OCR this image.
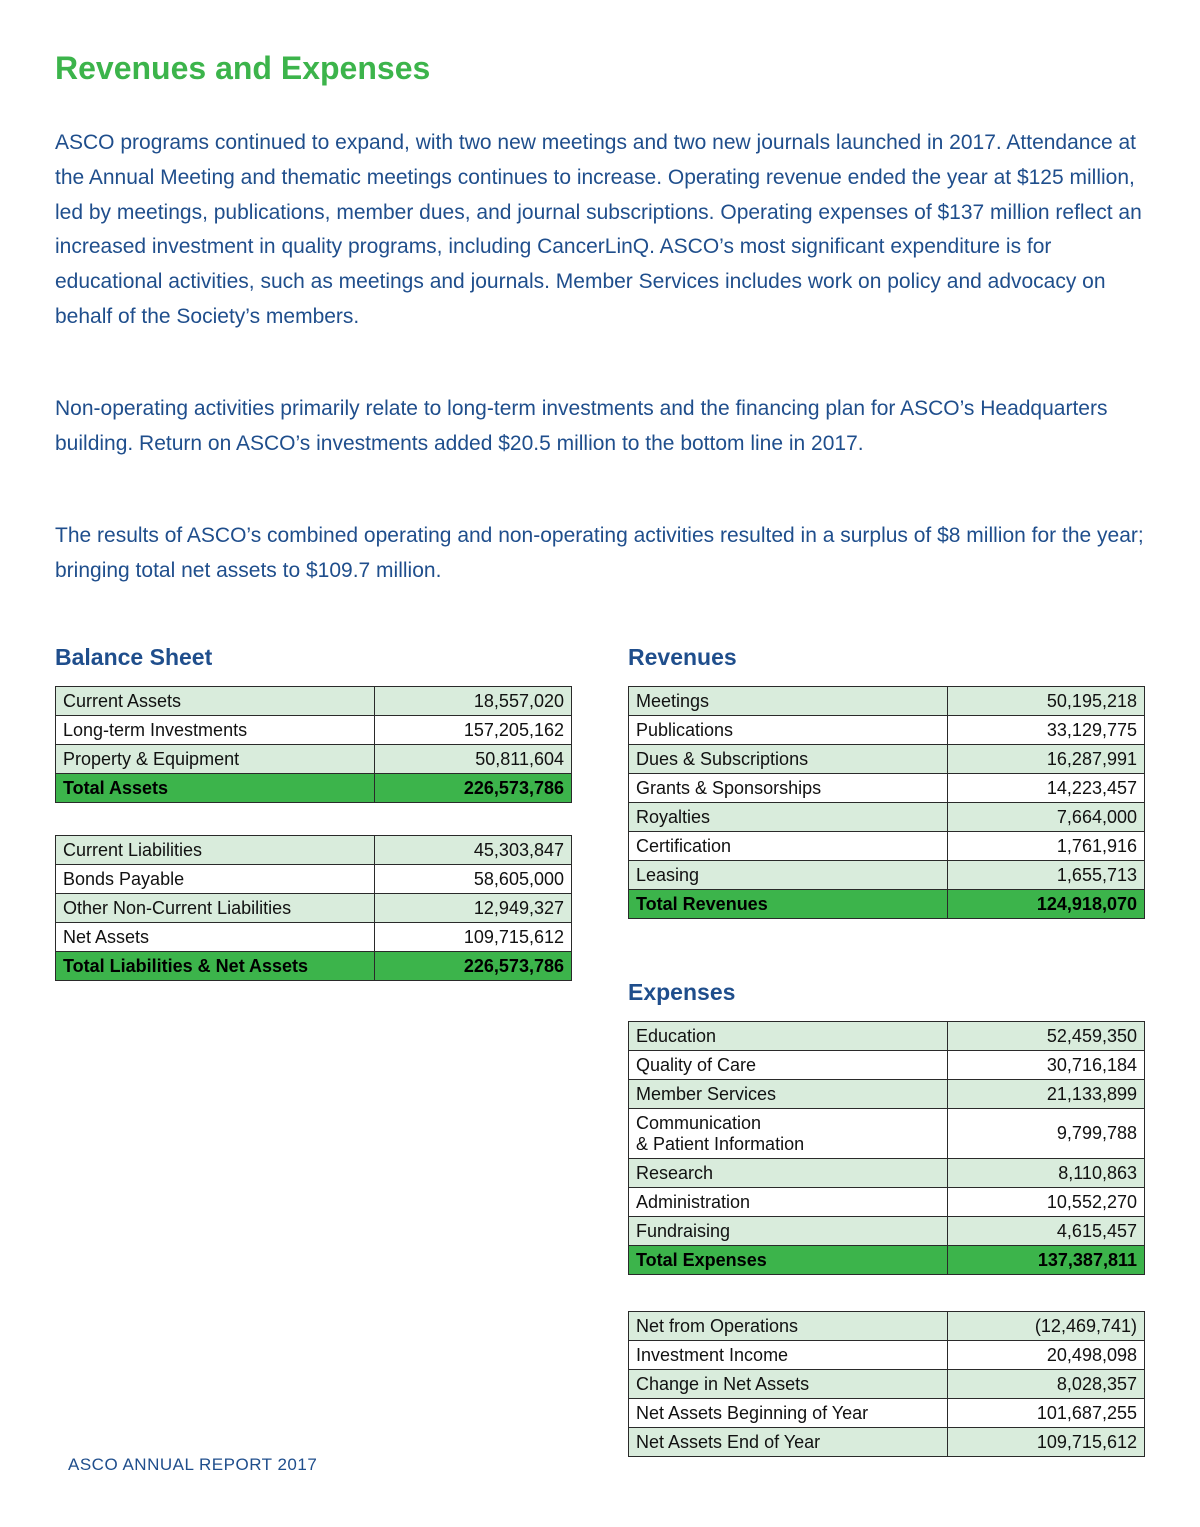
Revenues and Expenses

ASCO programs continued to expand, with two new meetings and two new journals launched in 2017. Attendance at the Annual Meeting and thematic meetings continues to increase. Operating revenue ended the year at $125 million, led by meetings, publications, member dues, and journal subscriptions. Operating expenses of $137 million reflect an increased investment in quality programs, including CancerLinQ. ASCO’s most significant expenditure is for educational activities, such as meetings and journals. Member Services includes work on policy and advocacy on behalf of the Society’s members.

Non-operating activities primarily relate to long-term investments and the financing plan for ASCO’s Headquarters building. Return on ASCO’s investments added $20.5 million to the bottom line in 2017.

The results of ASCO’s combined operating and non-operating activities resulted in a surplus of $8 million for the year; bringing total net assets to $109.7 million.

Balance Sheet
Current Assets	18,557,020
Long-term Investments	157,205,162
Property & Equipment	50,811,604
Total Assets	226,573,786
Current Liabilities	45,303,847
Bonds Payable	58,605,000
Other Non-Current Liabilities	12,949,327
Net Assets	109,715,612
Total Liabilities & Net Assets	226,573,786
Revenues
Meetings	50,195,218
Publications	33,129,775
Dues & Subscriptions	16,287,991
Grants & Sponsorships	14,223,457
Royalties	7,664,000
Certification	1,761,916
Leasing	1,655,713
Total Revenues	124,918,070
Expenses
Education	52,459,350
Quality of Care	30,716,184
Member Services	21,133,899
Communication
& Patient Information	9,799,788
Research	8,110,863
Administration	10,552,270
Fundraising	4,615,457
Total Expenses	137,387,811
Net from Operations	(12,469,741)
Investment Income	20,498,098
Change in Net Assets	8,028,357
Net Assets Beginning of Year	101,687,255
Net Assets End of Year	109,715,612
ASCO ANNUAL REPORT 2017
